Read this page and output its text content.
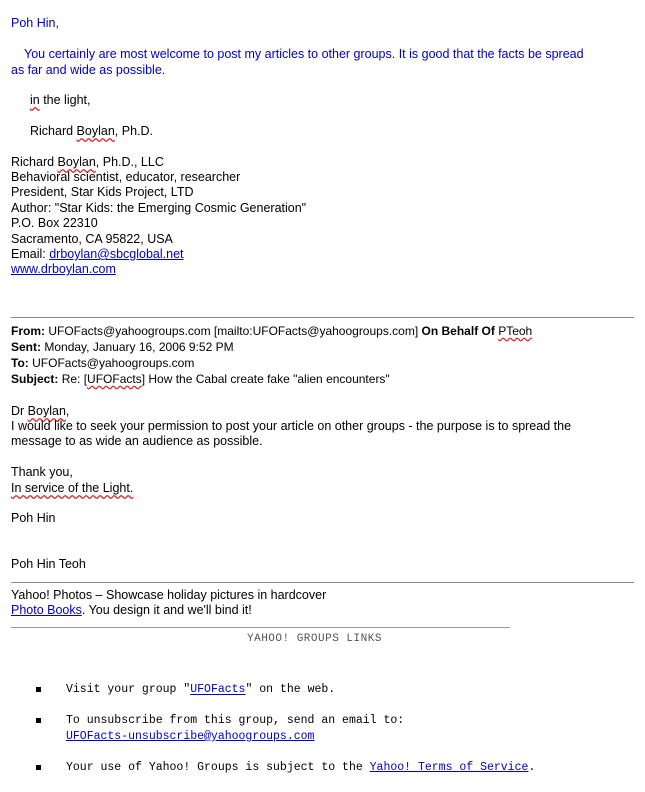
Poh Hin,
You certainly are most welcome to post my articles to other groups. It is good that the facts be spread
as far and wide as possible.
in the light,
Richard Boylan, Ph.D.
Richard Boylan, Ph.D., LLC
Behavioral scientist, educator, researcher
President, Star Kids Project, LTD
Author: "Star Kids: the Emerging Cosmic Generation"
P.O. Box 22310
Sacramento, CA 95822, USA
Email: drboylan@sbcglobal.net
www.drboylan.com
From: UFOFacts@yahoogroups.com [mailto:UFOFacts@yahoogroups.com] On Behalf Of PTeoh
Sent: Monday, January 16, 2006 9:52 PM
To: UFOFacts@yahoogroups.com
Subject: Re: [UFOFacts] How the Cabal create fake "alien encounters"
Dr Boylan,
I would like to seek your permission to post your article on other groups - the purpose is to spread the
message to as wide an audience as possible.
Thank you,
In service of the Light.
Poh Hin
Poh Hin Teoh
Yahoo! Photos – Showcase holiday pictures in hardcover
Photo Books. You design it and we'll bind it!
YAHOO! GROUPS LINKS
Visit your group "UFOFacts" on the web.
To unsubscribe from this group, send an email to:
UFOFacts-unsubscribe@yahoogroups.com
Your use of Yahoo! Groups is subject to the Yahoo! Terms of Service.
